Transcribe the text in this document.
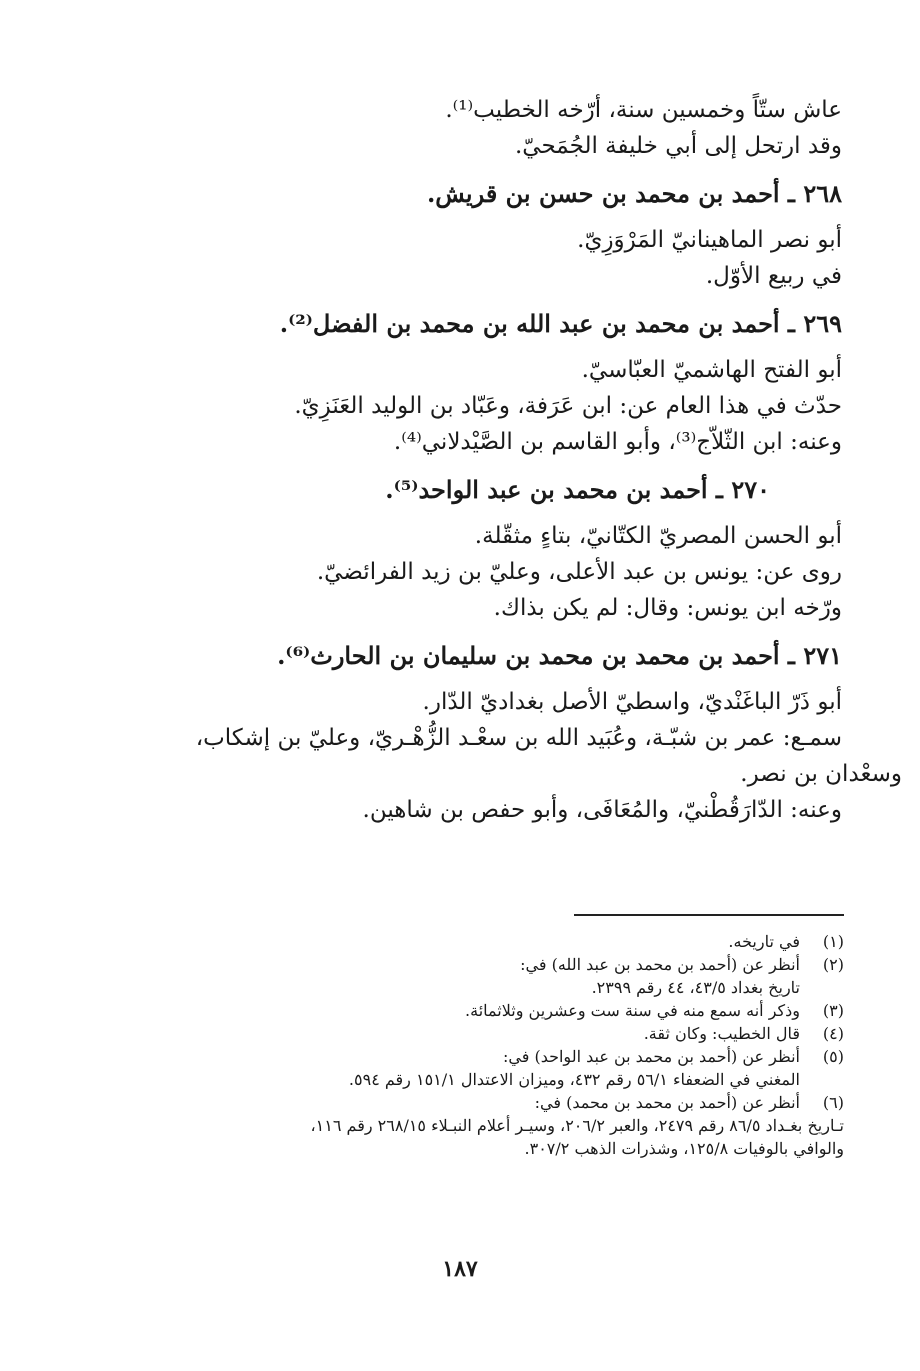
عاش ستّاً وخمسين سنة، أرّخه الخطيب⁽¹⁾.
وقد ارتحل إلى أبي خليفة الجُمَحيّ.
٢٦٨ ـ أحمد بن محمد بن حسن بن قريش.
أبو نصر الماهينانيّ المَرْوَزِيّ.
في ربيع الأوّل.
٢٦٩ ـ أحمد بن محمد بن عبد الله بن محمد بن الفضل⁽²⁾.
أبو الفتح الهاشميّ العبّاسيّ.
حدّث في هذا العام عن: ابن عَرَفة، وعَبّاد بن الوليد العَنَزِيّ.
وعنه: ابن الثّلاّج⁽³⁾، وأبو القاسم بن الصَّيْدلاني⁽⁴⁾.
٢٧٠ ـ أحمد بن محمد بن عبد الواحد⁽⁵⁾.
أبو الحسن المصريّ الكتّانيّ، بتاءٍ مثقّلة.
روى عن: يونس بن عبد الأعلى، وعليّ بن زيد الفرائضيّ.
ورّخه ابن يونس: وقال: لم يكن بذاك.
٢٧١ ـ أحمد بن محمد بن محمد بن سليمان بن الحارث⁽⁶⁾.
أبو ذَرّ الباغَنْديّ، واسطيّ الأصل بغداديّ الدّار.
سمـع: عمر بن شبّـة، وعُبَيد الله بن سعْـد الزُّهْـريّ، وعليّ بن إشكاب،
وسعْدان بن نصر.
وعنه: الدّارَقُطْنيّ، والمُعَافَى، وأبو حفص بن شاهين.
(١)
في تاريخه.
(٢)
أنظر عن (أحمد بن محمد بن عبد الله) في:
تاريخ بغداد ٤٣/٥، ٤٤ رقم ٢٣٩٩.
(٣)
وذكر أنه سمع منه في سنة ست وعشرين وثلاثمائة.
(٤)
قال الخطيب: وكان ثقة.
(٥)
أنظر عن (أحمد بن محمد بن عبد الواحد) في:
المغني في الضعفاء ٥٦/١ رقم ٤٣٢، وميزان الاعتدال ١٥١/١ رقم ٥٩٤.
(٦)
أنظر عن (أحمد بن محمد بن محمد) في:
تـاريخ بغـداد ٨٦/٥ رقم ٢٤٧٩، والعبر ٢٠٦/٢، وسيـر أعلام النبـلاء ٢٦٨/١٥ رقم ١١٦،
والوافي بالوفيات ١٢٥/٨، وشذرات الذهب ٣٠٧/٢.
١٨٧
